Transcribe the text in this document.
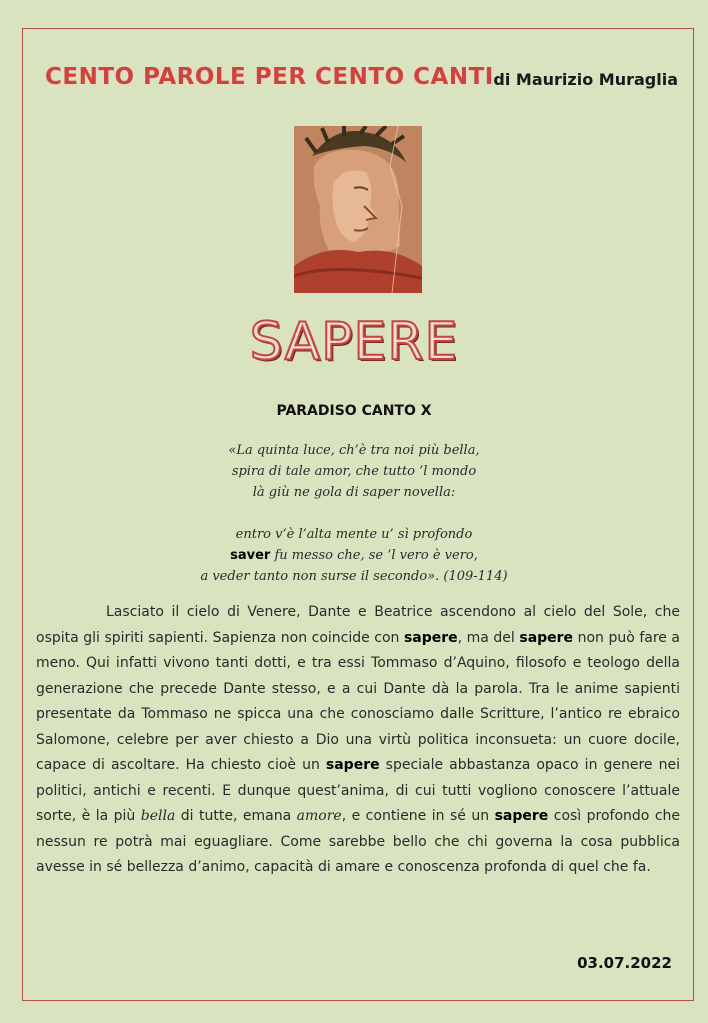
CENTO PAROLE PER CENTO CANTI di Maurizio Muraglia
SAPERE
PARADISO CANTO X
«La quinta luce, ch’è tra noi più bella,
spira di tale amor, che tutto ’l mondo
là giù ne gola di saper novella:
entro v’è l’alta mente u’ sì profondo
saver fu messo che, se ’l vero è vero,
a veder tanto non surse il secondo». (109-114)

Lasciato il cielo di Venere, Dante e Beatrice ascendono al cielo del Sole, che ospita gli spiriti sapienti. Sapienza non coincide con sapere, ma del sapere non può fare a meno. Qui infatti vivono tanti dotti, e tra essi Tommaso d’Aquino, filosofo e teologo della generazione che precede Dante stesso, e a cui Dante dà la parola. Tra le anime sapienti presentate da Tommaso ne spicca una che conosciamo dalle Scritture, l’antico re ebraico Salomone, celebre per aver chiesto a Dio una virtù politica inconsueta: un cuore docile, capace di ascoltare. Ha chiesto cioè un sapere speciale abbastanza opaco in genere nei politici, antichi e recenti. E dunque quest’anima, di cui tutti vogliono conoscere l’attuale sorte, è la più bella di tutte, emana amore, e contiene in sé un sapere così profondo che nessun re potrà mai eguagliare. Come sarebbe bello che chi governa la cosa pubblica avesse in sé bellezza d’animo, capacità di amare e conoscenza profonda di quel che fa.

03.07.2022
